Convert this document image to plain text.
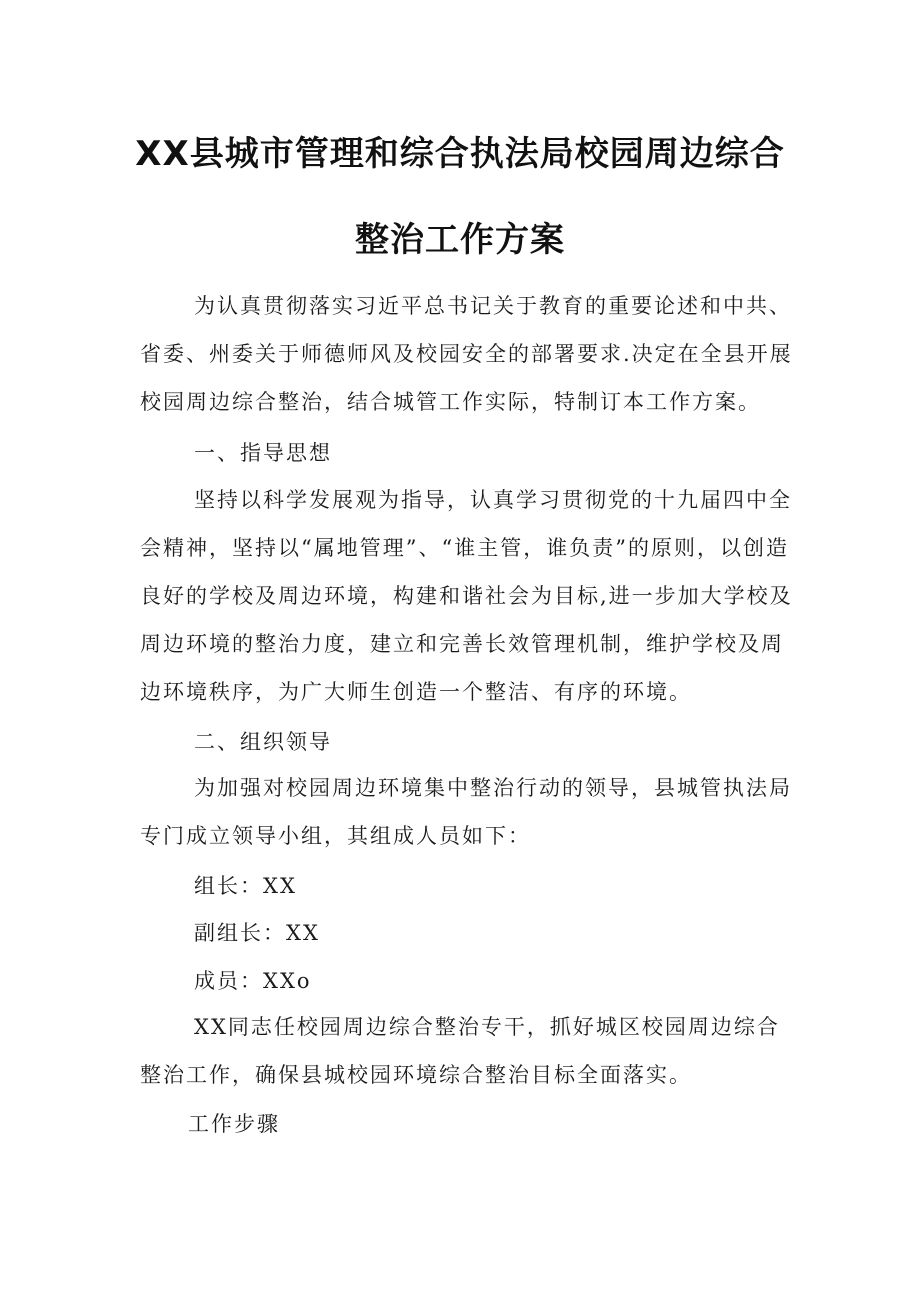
XX县城市管理和综合执法局校园周边综合
整治工作方案

为认真贯彻落实习近平总书记关于教育的重要论述和中共、省委、州委关于师德师风及校园安全的部署要求.决定在全县开展校园周边综合整治，结合城管工作实际，特制订本工作方案。

一、指导思想

坚持以科学发展观为指导，认真学习贯彻党的十九届四中全会精神，坚持以“属地管理”、“谁主管，谁负责”的原则，以创造良好的学校及周边环境，构建和谐社会为目标,进一步加大学校及周边环境的整治力度，建立和完善长效管理机制，维护学校及周边环境秩序，为广大师生创造一个整洁、有序的环境。

二、组织领导

为加强对校园周边环境集中整治行动的领导，县城管执法局专门成立领导小组，其组成人员如下：

组长：XX
副组长：XX
成员：XXo

XX同志任校园周边综合整治专干，抓好城区校园周边综合整治工作，确保县城校园环境综合整治目标全面落实。

工作步骤
